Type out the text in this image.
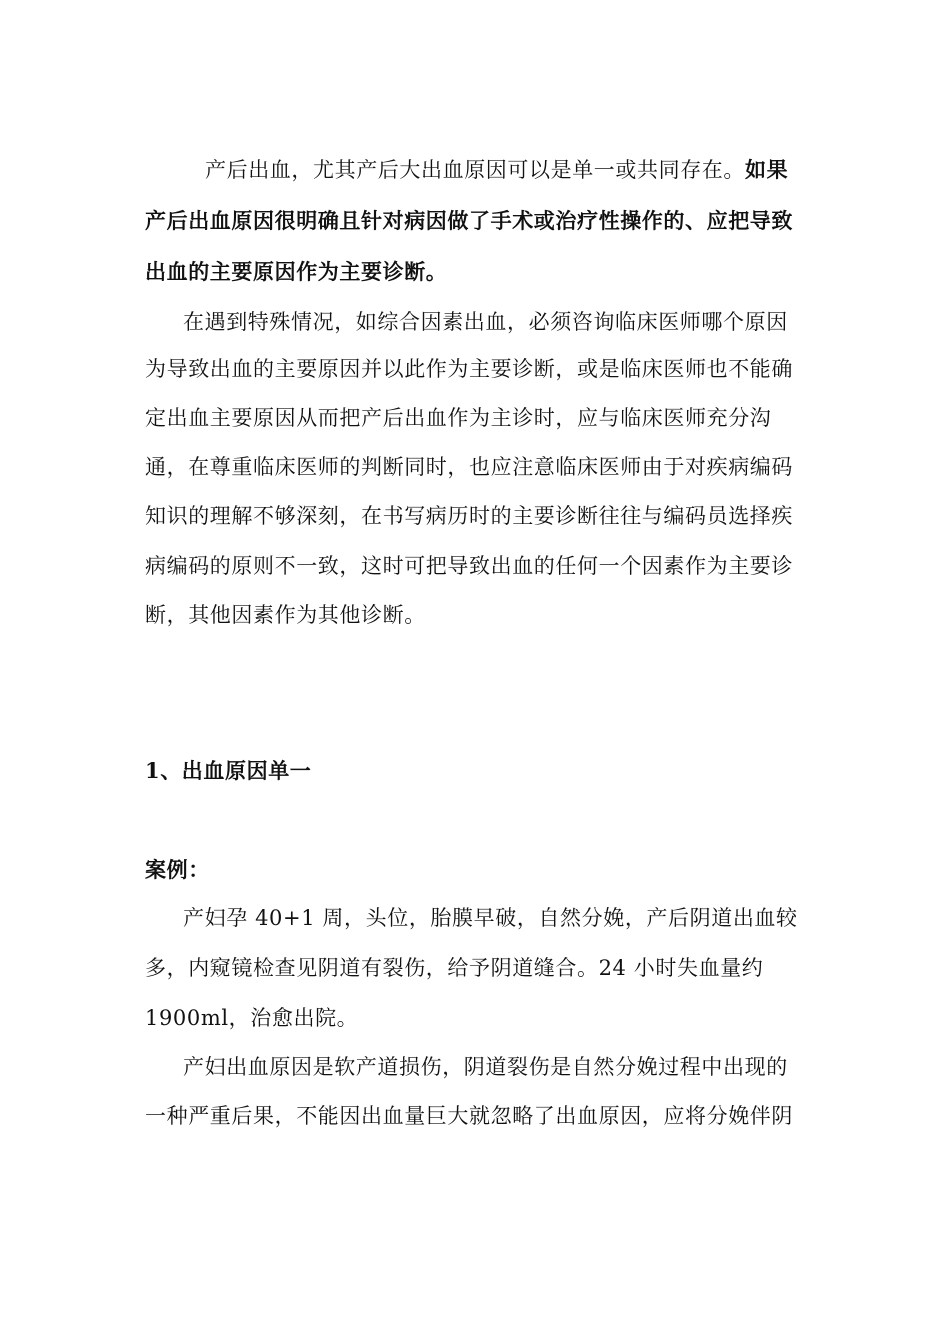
产后出血，尤其产后大出血原因可以是单一或共同存在。如果
产后出血原因很明确且针对病因做了手术或治疗性操作的、应把导致
出血的主要原因作为主要诊断。
在遇到特殊情况，如综合因素出血，必须咨询临床医师哪个原因
为导致出血的主要原因并以此作为主要诊断，或是临床医师也不能确
定出血主要原因从而把产后出血作为主诊时，应与临床医师充分沟
通，在尊重临床医师的判断同时，也应注意临床医师由于对疾病编码
知识的理解不够深刻，在书写病历时的主要诊断往往与编码员选择疾
病编码的原则不一致，这时可把导致出血的任何一个因素作为主要诊
断，其他因素作为其他诊断。
1、出血原因单一
案例：
产妇孕 40+1 周，头位，胎膜早破，自然分娩，产后阴道出血较
多，内窥镜检查见阴道有裂伤，给予阴道缝合。24 小时失血量约
1900ml，治愈出院。
产妇出血原因是软产道损伤，阴道裂伤是自然分娩过程中出现的
一种严重后果，不能因出血量巨大就忽略了出血原因，应将分娩伴阴
